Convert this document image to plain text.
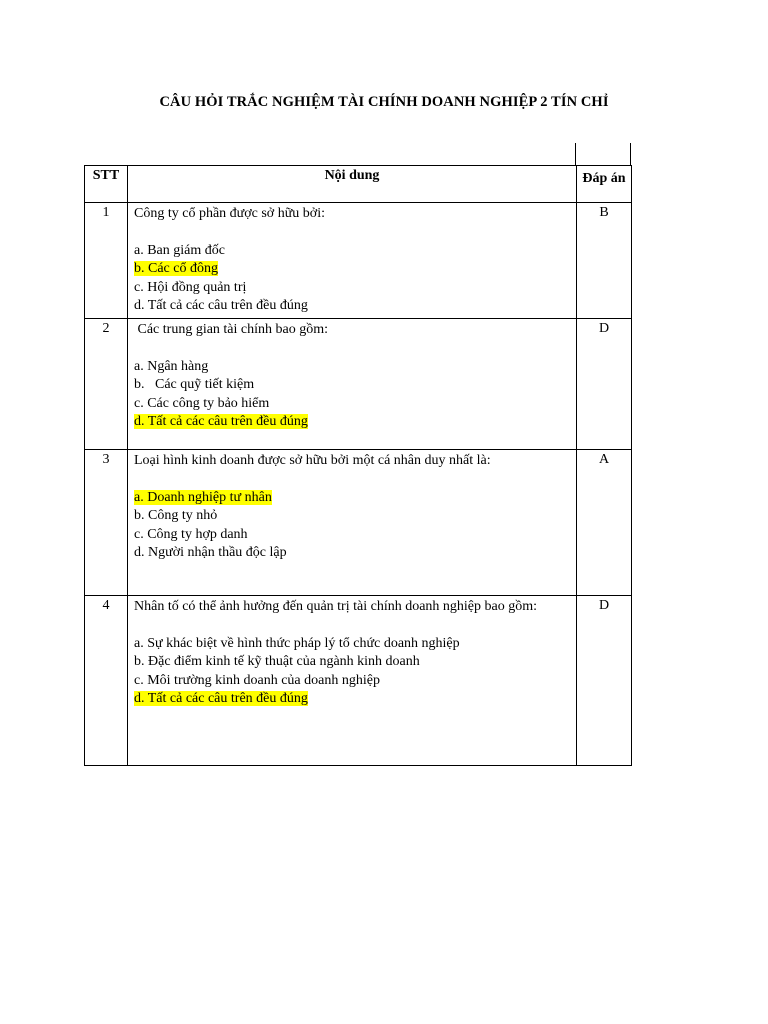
CÂU HỎI TRẮC NGHIỆM TÀI CHÍNH DOANH NGHIỆP 2 TÍN CHỈ
STT	Nội dung	Đáp án
1	Công ty cổ phần được sở hữu bởi:

a. Ban giám đốc

b. Các cổ đông

c. Hội đồng quản trị

d. Tất cả các câu trên đều đúng	B
2	Các trung gian tài chính bao gồm:

a. Ngân hàng

b.   Các quỹ tiết kiệm

c. Các công ty bảo hiểm

d. Tất cả các câu trên đều đúng	D
3	Loại hình kinh doanh được sở hữu bởi một cá nhân duy nhất là:

a. Doanh nghiệp tư nhân

b. Công ty nhỏ

c. Công ty hợp danh

d. Người nhận thầu độc lập	A
4	Nhân tố có thể ảnh hưởng đến quản trị tài chính doanh nghiệp bao gồm:

a. Sự khác biệt về hình thức pháp lý tổ chức doanh nghiệp

b. Đặc điểm kinh tế kỹ thuật của ngành kinh doanh

c. Môi trường kinh doanh của doanh nghiệp

d. Tất cả các câu trên đều đúng	D
